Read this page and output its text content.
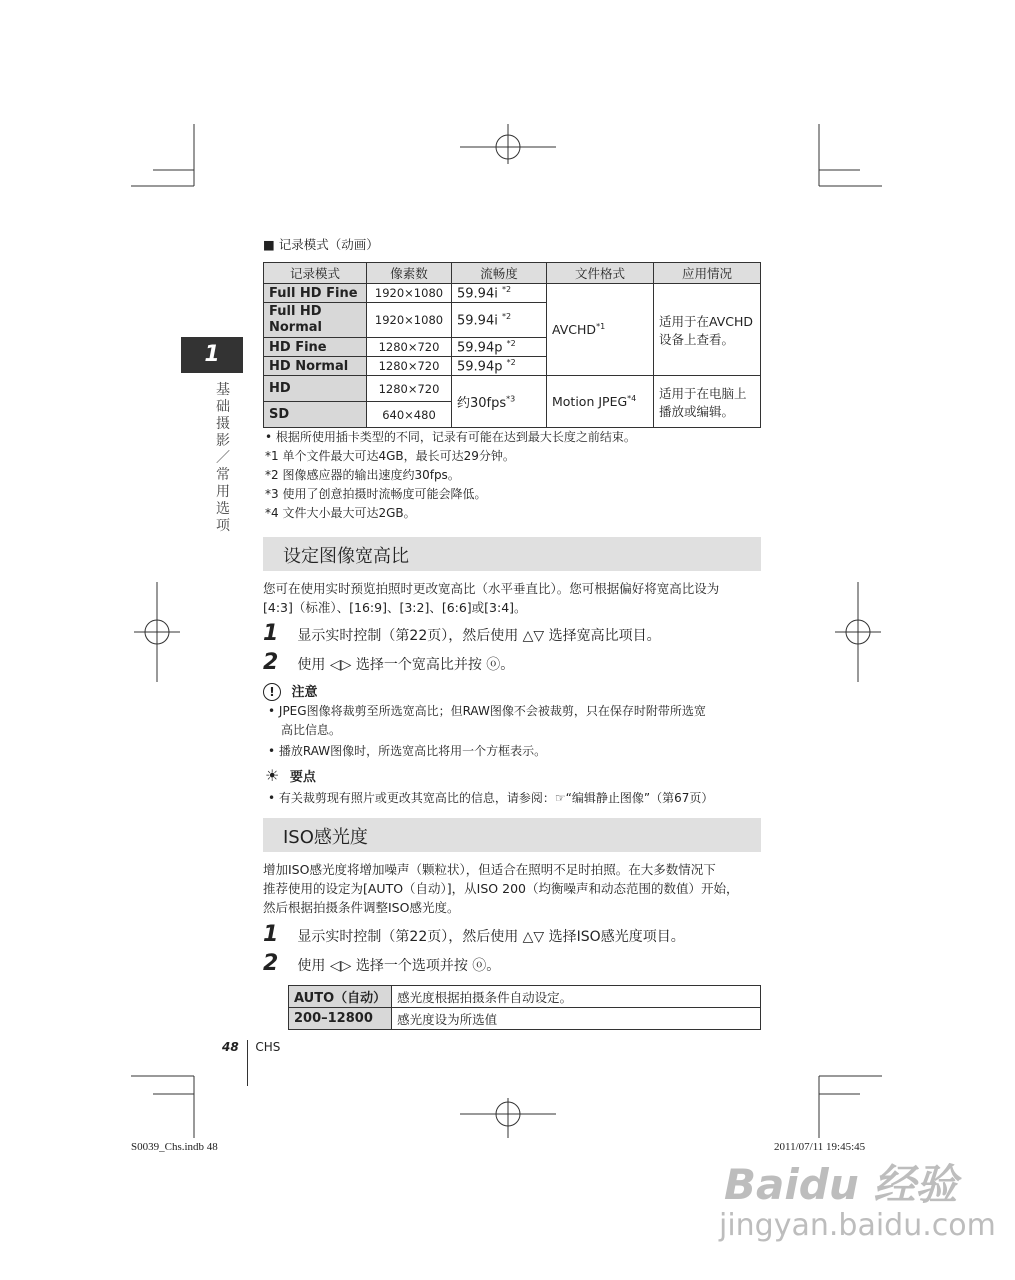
1
基础摄影／常用选项
■ 记录模式（动画）
记录模式	像素数	流畅度	文件格式	应用情况
Full HD Fine	1920×1080	59.94i $^{*2}$	AVCHD$^{*1}$	适用于在AVCHD设备上查看。
Full HD Normal	1920×1080	59.94i $^{*2}$
HD Fine	1280×720	59.94p $^{*2}$
HD Normal	1280×720	59.94p $^{*2}$
HD	1280×720	约30fps$^{*3}$	Motion JPEG$^{*4}$	适用于在电脑上播放或编辑。
SD	640×480			
• 根据所使用插卡类型的不同，记录有可能在达到最大长度之前结束。
*1 单个文件最大可达4GB，最长可达29分钟。
*2 图像感应器的输出速度约30fps。
*3 使用了创意拍摄时流畅度可能会降低。
*4 文件大小最大可达2GB。
设定图像宽高比
您可在使用实时预览拍照时更改宽高比（水平垂直比）。您可根据偏好将宽高比设为
[4:3]（标准）、[16:9]、[3:2]、[6:6]或[3:4]。
1 显示实时控制（第22页），然后使用 △▽ 选择宽高比项目。
2 使用 ◁▷ 选择一个宽高比并按 ⓞ。
! 注意
• JPEG图像将裁剪至所选宽高比；但RAW图像不会被裁剪，只在保存时附带所选宽
高比信息。
• 播放RAW图像时，所选宽高比将用一个方框表示。
☀ 要点
• 有关裁剪现有照片或更改其宽高比的信息，请参阅：☞“编辑静止图像”（第67页）
ISO感光度
增加ISO感光度将增加噪声（颗粒状），但适合在照明不足时拍照。在大多数情况下
推荐使用的设定为[AUTO（自动）]，从ISO 200（均衡噪声和动态范围的数值）开始，
然后根据拍摄条件调整ISO感光度。
1 显示实时控制（第22页），然后使用 △▽ 选择ISO感光度项目。
2 使用 ◁▷ 选择一个选项并按 ⓞ。
AUTO（自动）	感光度根据拍摄条件自动设定。
200–12800	感光度设为所选值
48 CHS
S0039_Chs.indb 48	2011/07/11 19:45:45
Baidu 经验
jingyan.baidu.com
